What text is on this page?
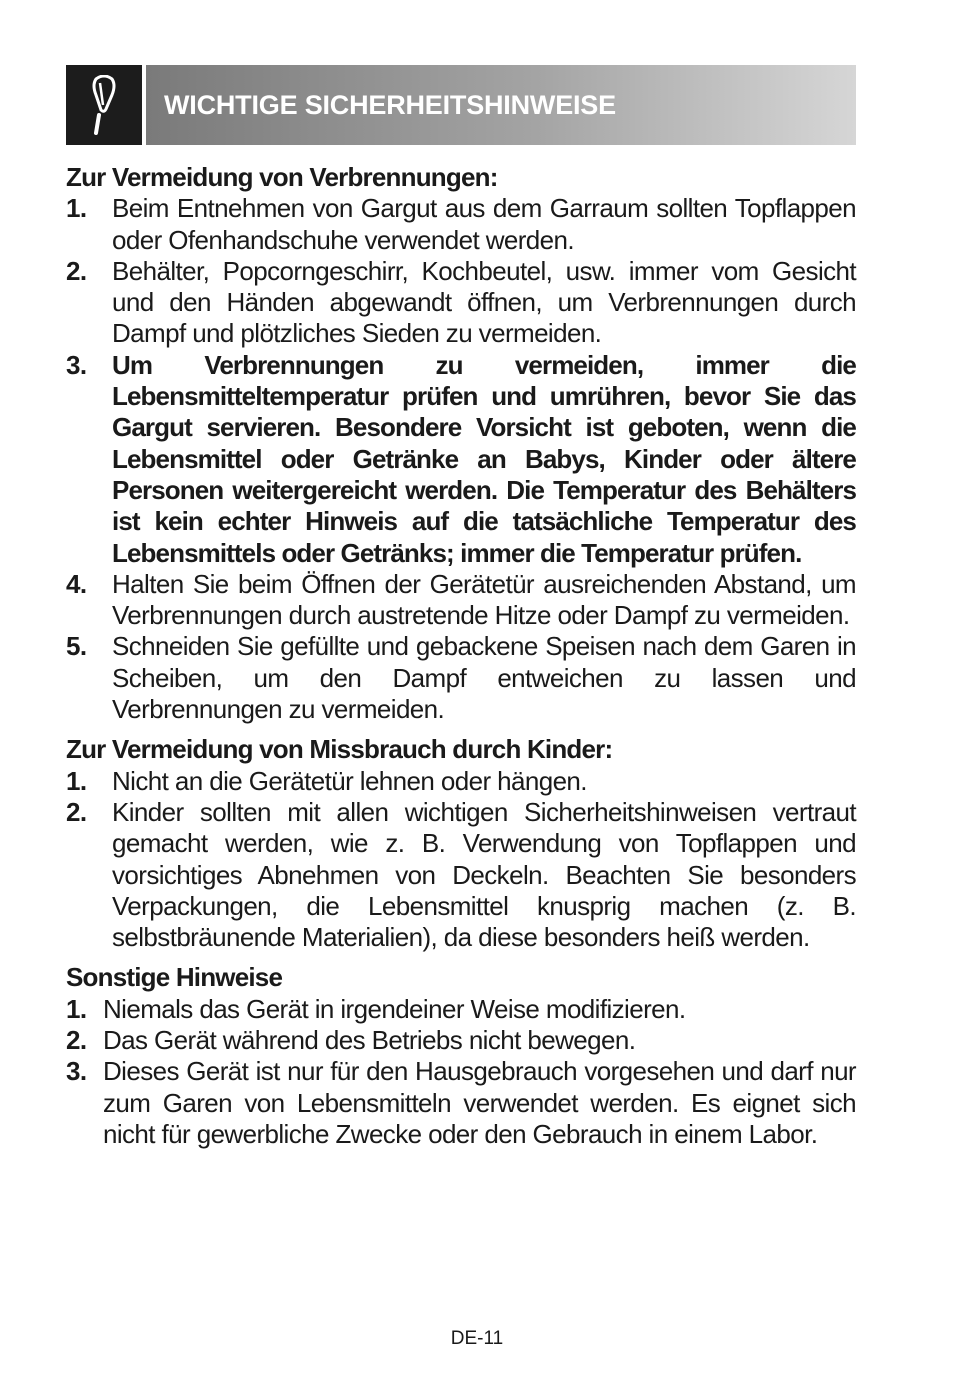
WICHTIGE SICHERHEITSHINWEISE
Zur Vermeidung von Verbrennungen:
1. Beim Entnehmen von Gargut aus dem Garraum sollten Topflappen oder Ofenhandschuhe verwendet werden.
2. Behälter, Popcorngeschirr, Kochbeutel, usw. immer vom Gesicht und den Händen abgewandt öffnen, um Verbrennungen durch Dampf und plötzliches Sieden zu vermeiden.
3. Um Verbrennungen zu vermeiden, immer die Lebensmitteltemperatur prüfen und umrühren, bevor Sie das Gargut servieren. Besondere Vorsicht ist geboten, wenn die Lebensmittel oder Getränke an Babys, Kinder oder ältere Personen weitergereicht werden. Die Temperatur des Behälters ist kein echter Hinweis auf die tatsächliche Temperatur des Lebensmittels oder Getränks; immer die Temperatur prüfen.
4. Halten Sie beim Öffnen der Gerätetür ausreichenden Abstand, um Verbrennungen durch austretende Hitze oder Dampf zu vermeiden.
5. Schneiden Sie gefüllte und gebackene Speisen nach dem Garen in Scheiben, um den Dampf entweichen zu lassen und Verbrennungen zu vermeiden.
Zur Vermeidung von Missbrauch durch Kinder:
1. Nicht an die Gerätetür lehnen oder hängen.
2. Kinder sollten mit allen wichtigen Sicherheitshinweisen vertraut gemacht werden, wie z. B. Verwendung von Topflappen und vorsichtiges Abnehmen von Deckeln. Beachten Sie besonders Verpackungen, die Lebensmittel knusprig machen (z. B. selbstbräunende Materialien), da diese besonders heiß werden.
Sonstige Hinweise
1. Niemals das Gerät in irgendeiner Weise modifizieren.
2. Das Gerät während des Betriebs nicht bewegen.
3. Dieses Gerät ist nur für den Hausgebrauch vorgesehen und darf nur zum Garen von Lebensmitteln verwendet werden. Es eignet sich nicht für gewerbliche Zwecke oder den Gebrauch in einem Labor.
DE-11
